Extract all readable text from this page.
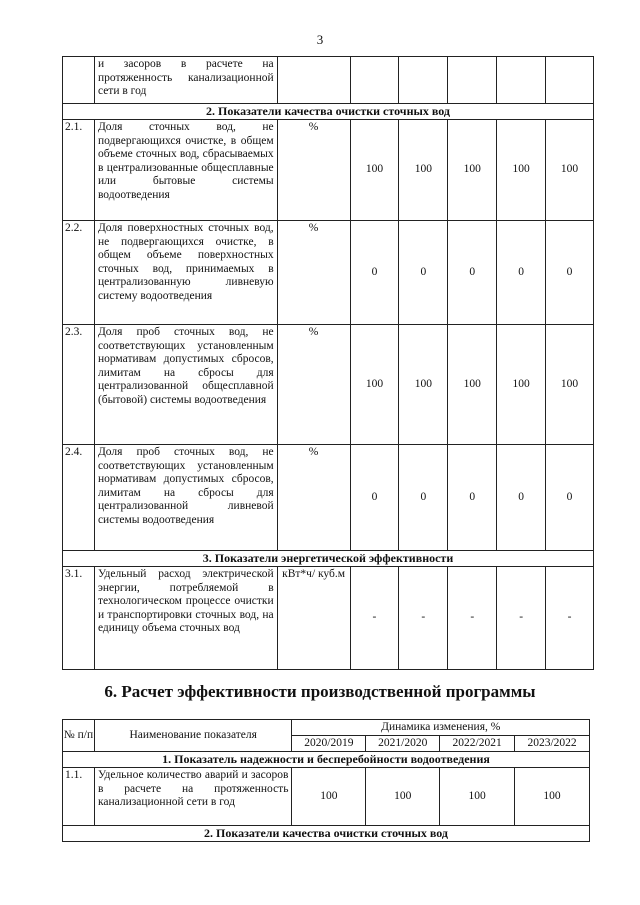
3
	и засоров в расчете на протяженность канализационной сети в год						
2. Показатели качества очистки сточных вод							
2.1.	Доля сточных вод, не подвергающихся очистке, в общем объеме сточных вод, сбрасываемых в централизованные общесплавные или бытовые системы водоотведения	%	100	100	100	100	100
2.2.	Доля поверхностных сточных вод, не подвергающихся очистке, в общем объеме поверхностных сточных вод, принимаемых в централизованную ливневую систему водоотведения	%	0	0	0	0	0
2.3.	Доля проб сточных вод, не соответствующих установленным нормативам допустимых сбросов, лимитам на сбросы для централизованной общесплавной (бытовой) системы водоотведения	%	100	100	100	100	100
2.4.	Доля проб сточных вод, не соответствующих установленным нормативам допустимых сбросов, лимитам на сбросы для централизованной ливневой системы водоотведения	%	0	0	0	0	0
3. Показатели энергетической эффективности							
3.1.	Удельный расход электрической энергии, потребляемой в технологическом процессе очистки и транспортировки сточных вод, на единицу объема сточных вод	кВт*ч/ куб.м	-	-	-	-	-
6. Расчет эффективности производственной программы
№ п/п	Наименование показателя	Динамика изменения, %			
		2020/2019	2021/2020	2022/2021	2023/2022
1. Показатель надежности и бесперебойности водоотведения					
1.1.	Удельное количество аварий и засоров в расчете на протяженность канализационной сети в год	100	100	100	100
2. Показатели качества очистки сточных вод					
